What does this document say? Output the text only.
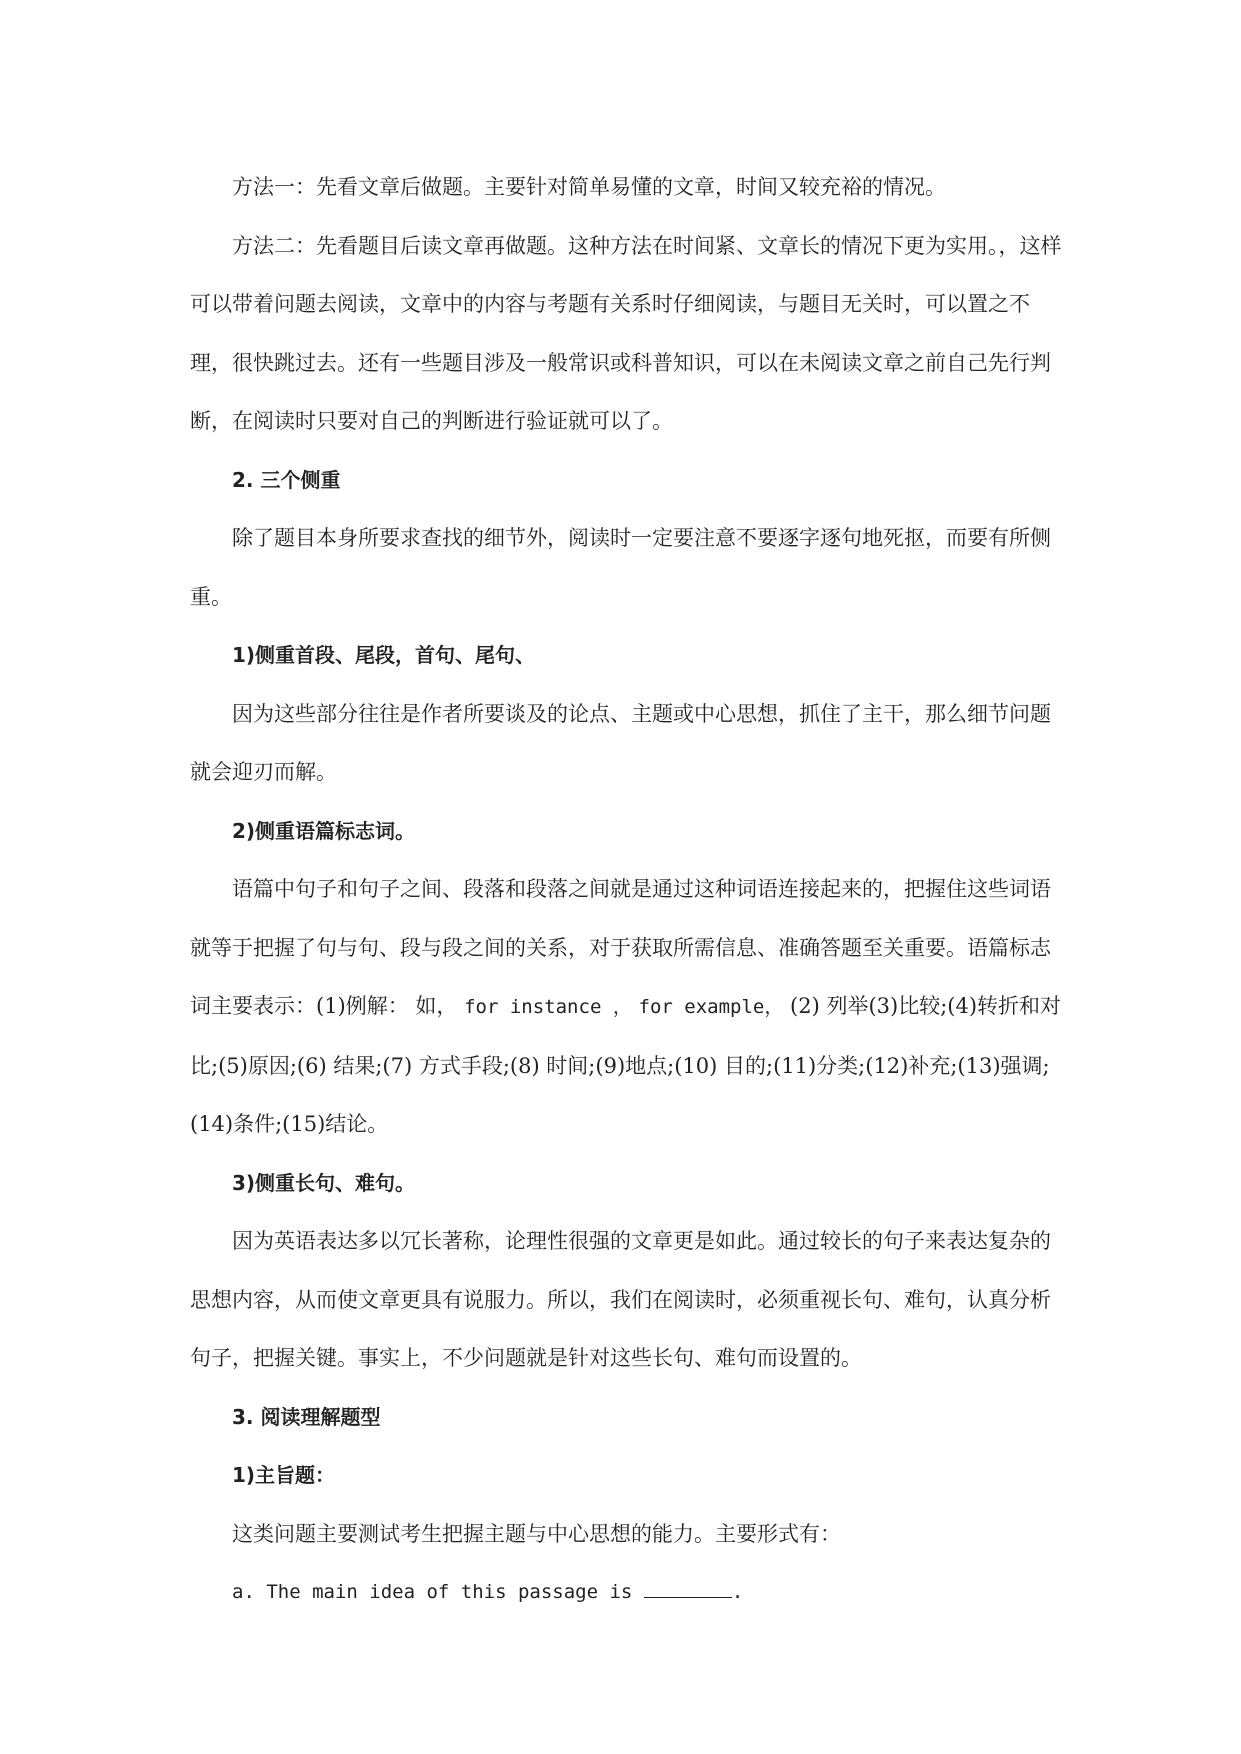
方法一：先看文章后做题。主要针对简单易懂的文章，时间又较充裕的情况。

方法二：先看题目后读文章再做题。这种方法在时间紧、文章长的情况下更为实用。，这样可以带着问题去阅读，文章中的内容与考题有关系时仔细阅读，与题目无关时，可以置之不理，很快跳过去。还有一些题目涉及一般常识或科普知识，可以在未阅读文章之前自己先行判断，在阅读时只要对自己的判断进行验证就可以了。

2. 三个侧重

除了题目本身所要求查找的细节外，阅读时一定要注意不要逐字逐句地死抠，而要有所侧重。

1)侧重首段、尾段，首句、尾句、

因为这些部分往往是作者所要谈及的论点、主题或中心思想，抓住了主干，那么细节问题就会迎刃而解。

2)侧重语篇标志词。

语篇中句子和句子之间、段落和段落之间就是通过这种词语连接起来的，把握住这些词语就等于把握了句与句、段与段之间的关系，对于获取所需信息、准确答题至关重要。语篇标志词主要表示：(1)例解： 如， for instance ， for example， (2) 列举(3)比较;(4)转折和对比;(5)原因;(6) 结果;(7) 方式手段;(8) 时间;(9)地点;(10) 目的;(11)分类;(12)补充;(13)强调;(14)条件;(15)结论。

3)侧重长句、难句。

因为英语表达多以冗长著称，论理性很强的文章更是如此。通过较长的句子来表达复杂的思想内容，从而使文章更具有说服力。所以，我们在阅读时，必须重视长句、难句，认真分析句子，把握关键。事实上，不少问题就是针对这些长句、难句而设置的。

3. 阅读理解题型

1)主旨题：

这类问题主要测试考生把握主题与中心思想的能力。主要形式有：

a. The main idea of this passage is	.
